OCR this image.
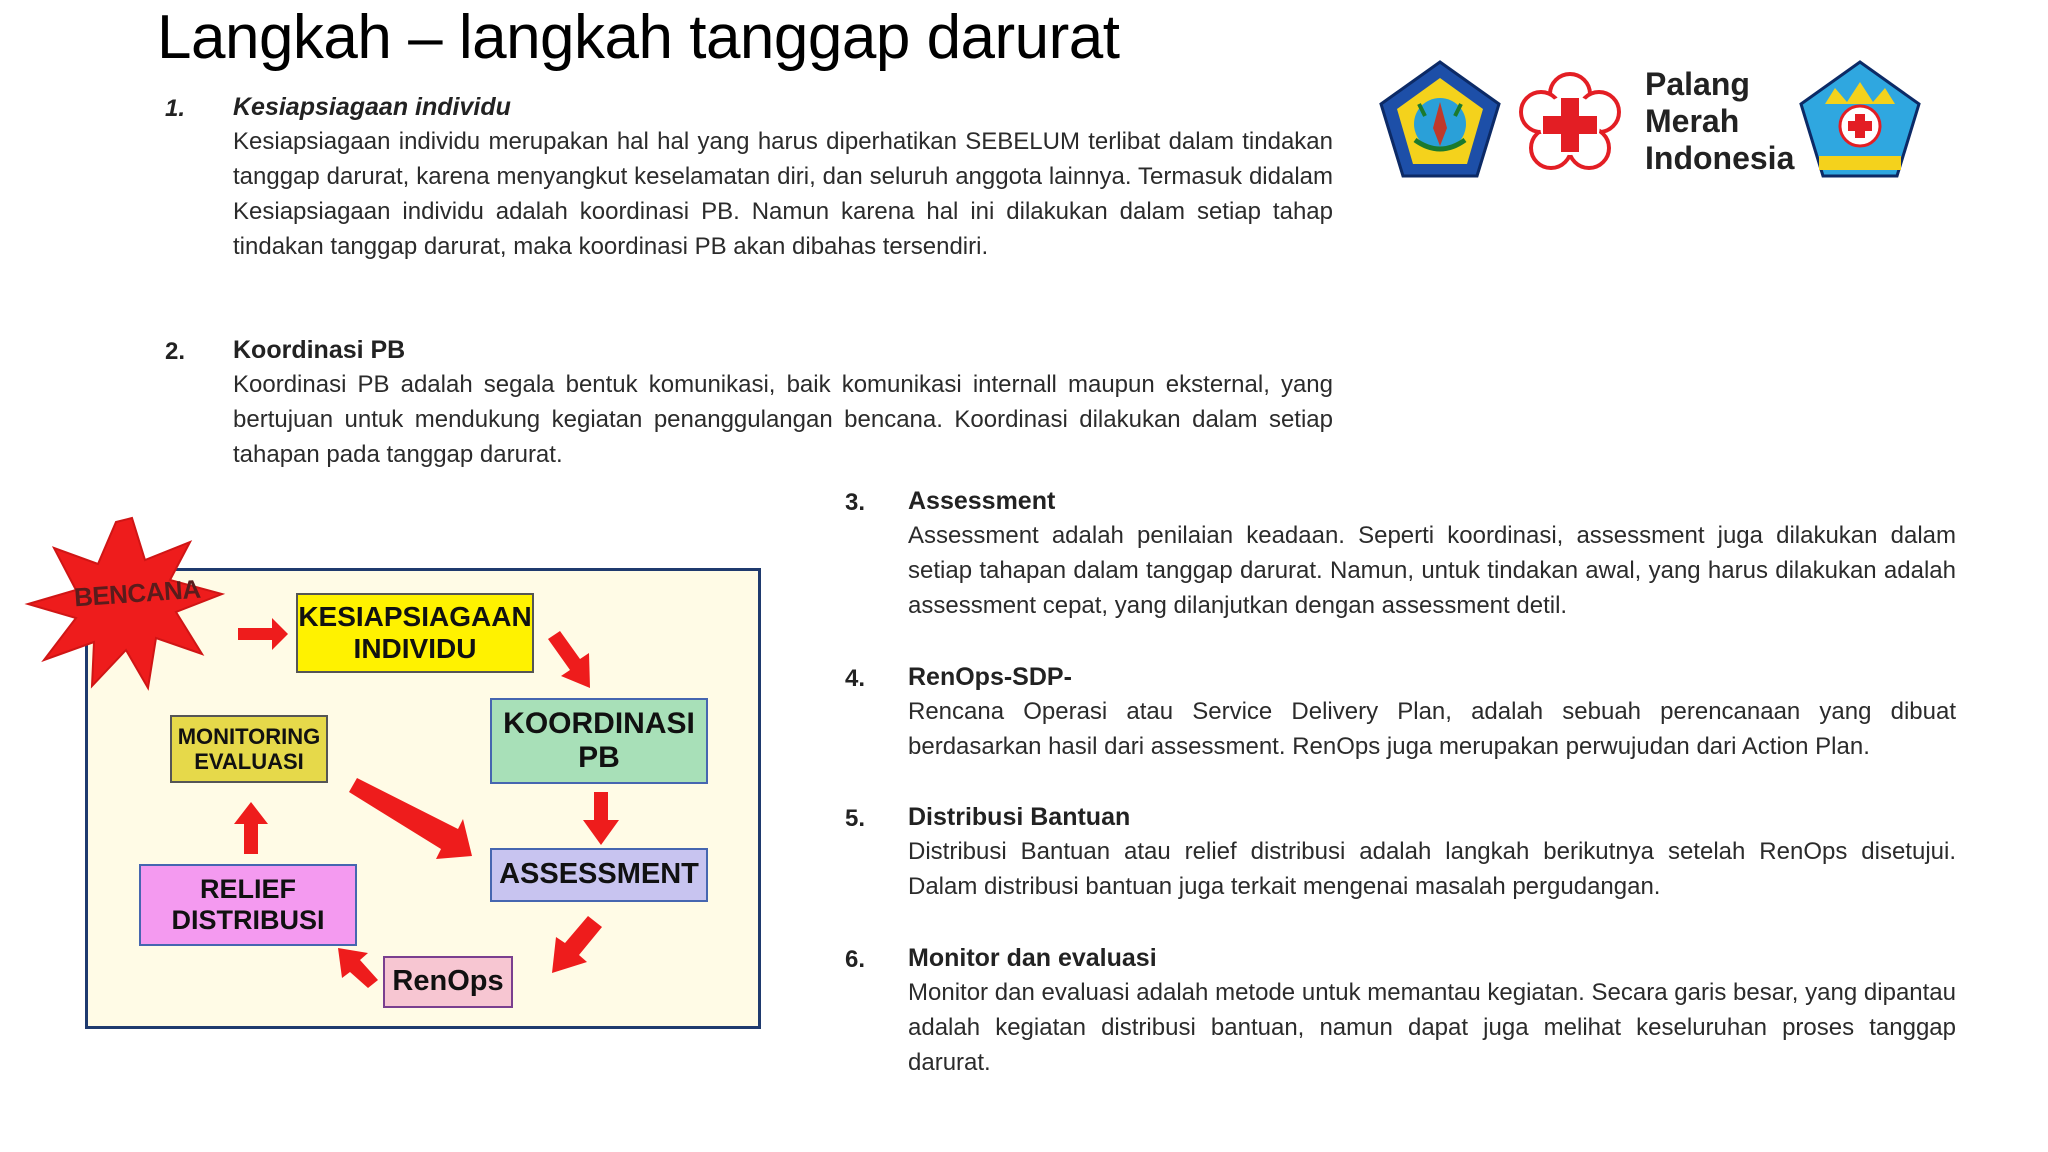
Langkah – langkah tanggap darurat
1. Kesiapsiagaan individu

Kesiapsiagaan individu merupakan hal hal yang harus diperhatikan SEBELUM terlibat dalam tindakan tanggap darurat, karena menyangkut keselamatan diri, dan seluruh anggota lainnya. Termasuk didalam Kesiapsiagaan individu adalah koordinasi PB. Namun karena hal ini dilakukan dalam setiap tahap tindakan tanggap darurat, maka koordinasi PB akan dibahas tersendiri.

2. Koordinasi PB

Koordinasi PB adalah segala bentuk komunikasi, baik komunikasi internall maupun eksternal, yang bertujuan untuk mendukung kegiatan penanggulangan bencana. Koordinasi dilakukan dalam setiap tahapan pada tanggap darurat.

3. Assessment

Assessment adalah penilaian keadaan. Seperti koordinasi, assessment juga dilakukan dalam setiap tahapan dalam tanggap darurat. Namun, untuk tindakan awal, yang harus dilakukan adalah assessment cepat, yang dilanjutkan dengan assessment detil.

4. RenOps-SDP-

Rencana Operasi atau Service Delivery Plan, adalah sebuah perencanaan yang dibuat berdasarkan hasil dari assessment. RenOps juga merupakan perwujudan dari Action Plan.

5. Distribusi Bantuan

Distribusi Bantuan atau relief distribusi adalah langkah berikutnya setelah RenOps disetujui. Dalam distribusi bantuan juga terkait mengenai masalah pergudangan.

6. Monitor dan evaluasi

Monitor dan evaluasi adalah metode untuk memantau kegiatan. Secara garis besar, yang dipantau adalah kegiatan distribusi bantuan, namun dapat juga melihat keseluruhan proses tanggap darurat.

Palang
Merah
Indonesia
BENCANA
KESIAPSIAGAAN
INDIVIDU
KOORDINASI
PB
MONITORING
EVALUASI
ASSESSMENT
RELIEF
DISTRIBUSI
RenOps
